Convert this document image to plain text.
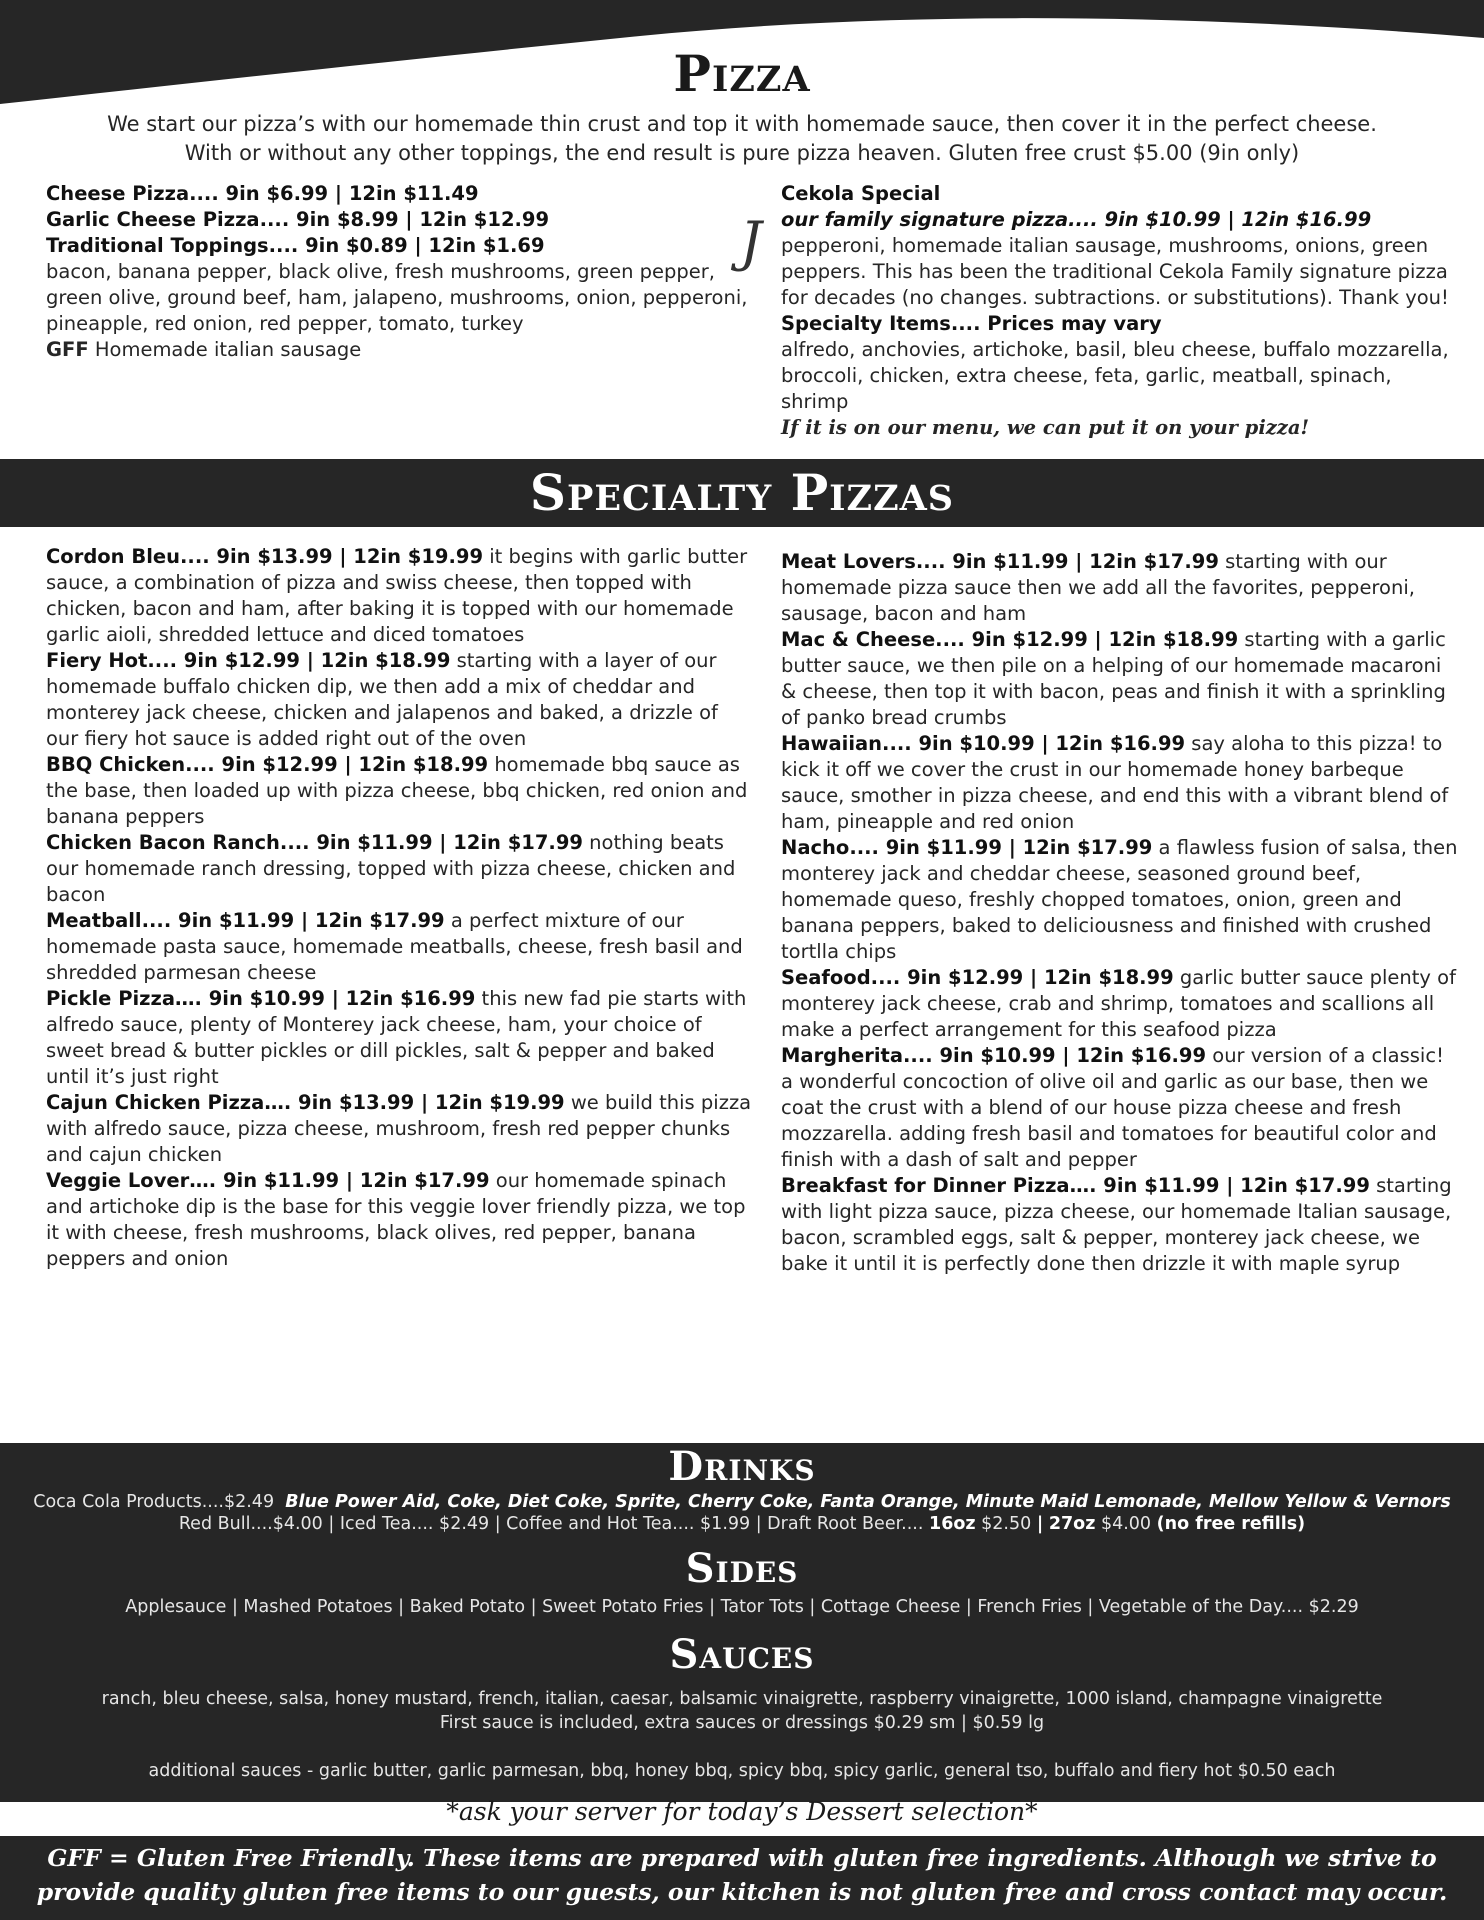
Pizza

We start our pizza’s with our homemade thin crust and top it with homemade sauce, then cover it in the perfect cheese.

With or without any other toppings, the end result is pure pizza heaven. Gluten free crust $5.00 (9in only)

Cheese Pizza.... 9in $6.99 | 12in $11.49

Garlic Cheese Pizza.... 9in $8.99 | 12in $12.99

Traditional Toppings.... 9in $0.89 | 12in $1.69

bacon, banana pepper, black olive, fresh mushrooms, green pepper, green olive, ground beef, ham, jalapeno, mushrooms, onion, pepperoni, pineapple, red onion, red pepper, tomato, turkey

GFF Homemade italian sausage

J

Cekola Special

our family signature pizza.... 9in $10.99 | 12in $16.99

pepperoni, homemade italian sausage, mushrooms, onions, green peppers. This has been the traditional Cekola Family signature pizza for decades (no changes. subtractions. or substitutions). Thank you!

Specialty Items.... Prices may vary

alfredo, anchovies, artichoke, basil, bleu cheese, buffalo mozzarella, broccoli, chicken, extra cheese, feta, garlic, meatball, spinach, shrimp

If it is on our menu, we can put it on your pizza!

Specialty Pizzas

Cordon Bleu.... 9in $13.99 | 12in $19.99 it begins with garlic butter sauce, a combination of pizza and swiss cheese, then topped with chicken, bacon and ham, after baking it is topped with our homemade garlic aioli, shredded lettuce and diced tomatoes

Fiery Hot.... 9in $12.99 | 12in $18.99 starting with a layer of our homemade buffalo chicken dip, we then add a mix of cheddar and monterey jack cheese, chicken and jalapenos and baked, a drizzle of our fiery hot sauce is added right out of the oven

BBQ Chicken.... 9in $12.99 | 12in $18.99 homemade bbq sauce as the base, then loaded up with pizza cheese, bbq chicken, red onion and banana peppers

Chicken Bacon Ranch.... 9in $11.99 | 12in $17.99 nothing beats our homemade ranch dressing, topped with pizza cheese, chicken and bacon

Meatball.... 9in $11.99 | 12in $17.99 a perfect mixture of our homemade pasta sauce, homemade meatballs, cheese, fresh basil and shredded parmesan cheese

Pickle Pizza…. 9in $10.99 | 12in $16.99 this new fad pie starts with alfredo sauce, plenty of Monterey jack cheese, ham, your choice of sweet bread & butter pickles or dill pickles, salt & pepper and baked until it’s just right

Cajun Chicken Pizza…. 9in $13.99 | 12in $19.99 we build this pizza with alfredo sauce, pizza cheese, mushroom, fresh red pepper chunks and cajun chicken

Veggie Lover…. 9in $11.99 | 12in $17.99 our homemade spinach and artichoke dip is the base for this veggie lover friendly pizza, we top it with cheese, fresh mushrooms, black olives, red pepper, banana peppers and onion

Meat Lovers.... 9in $11.99 | 12in $17.99 starting with our homemade pizza sauce then we add all the favorites, pepperoni, sausage, bacon and ham

Mac & Cheese.... 9in $12.99 | 12in $18.99 starting with a garlic butter sauce, we then pile on a helping of our homemade macaroni & cheese, then top it with bacon, peas and finish it with a sprinkling of panko bread crumbs

Hawaiian.... 9in $10.99 | 12in $16.99 say aloha to this pizza! to kick it off we cover the crust in our homemade honey barbeque sauce, smother in pizza cheese, and end this with a vibrant blend of ham, pineapple and red onion

Nacho.... 9in $11.99 | 12in $17.99 a flawless fusion of salsa, then monterey jack and cheddar cheese, seasoned ground beef, homemade queso, freshly chopped tomatoes, onion, green and banana peppers, baked to deliciousness and finished with crushed tortlla chips

Seafood.... 9in $12.99 | 12in $18.99 garlic butter sauce plenty of monterey jack cheese, crab and shrimp, tomatoes and scallions all make a perfect arrangement for this seafood pizza

Margherita.... 9in $10.99 | 12in $16.99 our version of a classic! a wonderful concoction of olive oil and garlic as our base, then we coat the crust with a blend of our house pizza cheese and fresh mozzarella. adding fresh basil and tomatoes for beautiful color and finish with a dash of salt and pepper

Breakfast for Dinner Pizza…. 9in $11.99 | 12in $17.99 starting with light pizza sauce, pizza cheese, our homemade Italian sausage, bacon, scrambled eggs, salt & pepper, monterey jack cheese, we bake it until it is perfectly done then drizzle it with maple syrup

Drinks
Coca Cola Products....$2.49 Blue Power Aid, Coke, Diet Coke, Sprite, Cherry Coke, Fanta Orange, Minute Maid Lemonade, Mellow Yellow & Vernors
Red Bull....$4.00 | Iced Tea.... $2.49 | Coffee and Hot Tea.... $1.99 | Draft Root Beer.... 16oz $2.50 | 27oz $4.00 (no free refills)
Sides
Applesauce | Mashed Potatoes | Baked Potato | Sweet Potato Fries | Tator Tots | Cottage Cheese | French Fries | Vegetable of the Day.... $2.29
Sauces
ranch, bleu cheese, salsa, honey mustard, french, italian, caesar, balsamic vinaigrette, raspberry vinaigrette, 1000 island, champagne vinaigrette
First sauce is included, extra sauces or dressings $0.29 sm | $0.59 lg
additional sauces - garlic butter, garlic parmesan, bbq, honey bbq, spicy bbq, spicy garlic, general tso, buffalo and fiery hot $0.50 each
*ask your server for today’s Dessert selection*

GFF = Gluten Free Friendly. These items are prepared with gluten free ingredients. Although we strive to

provide quality gluten free items to our guests, our kitchen is not gluten free and cross contact may occur.
